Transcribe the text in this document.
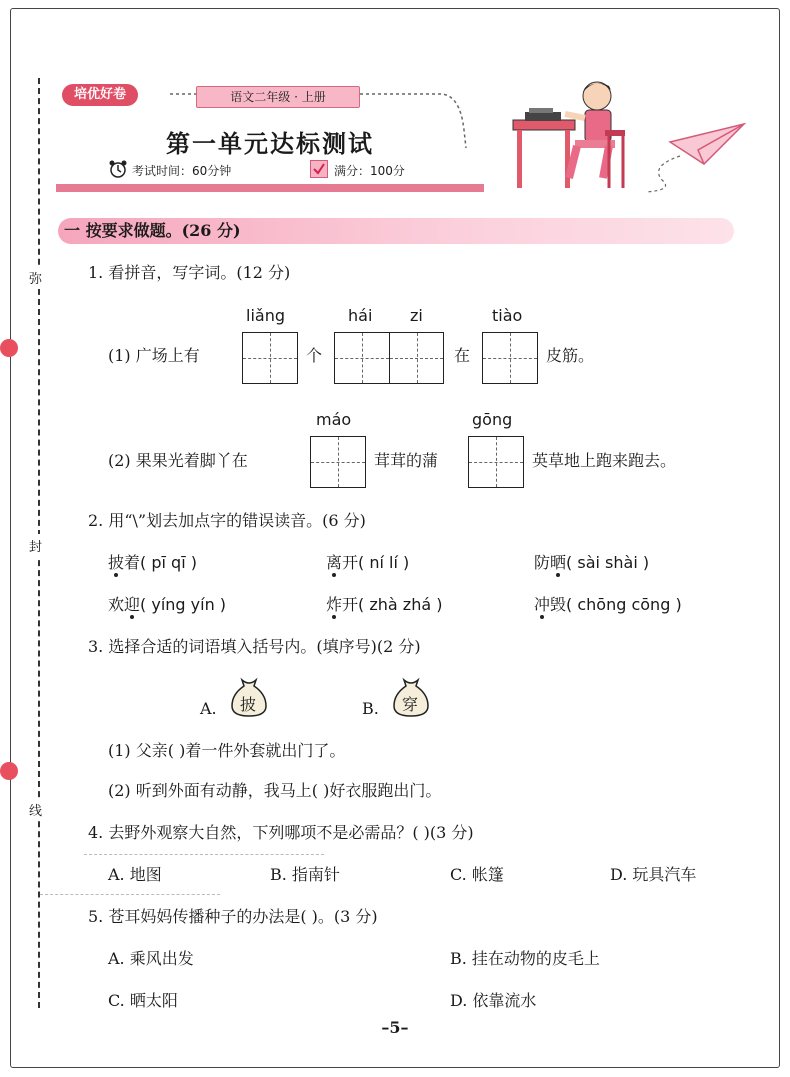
弥
封
线
培优好卷	语文二年级 · 上册
第一单元达标测试
考试时间：60分钟	满分：100分
一 按要求做题。(26 分)
1. 看拼音，写字词。(12 分)
liǎng	hái zi	tiào
(1) 广场上有	个	在	皮筋。
máo	gōng
(2) 果果光着脚丫在	茸茸的蒲	英草地上跑来跑去。
2. 用“\”划去加点字的错误读音。(6 分)
披着( pī qī )	离开( ní lí )	防晒( sài shài )
欢迎( yíng yín )	炸开( zhà zhá )	冲毁( chōng cōng )
3. 选择合适的词语填入括号内。(填序号)(2 分)
A. 披	B. 穿
(1) 父亲( )着一件外套就出门了。
(2) 听到外面有动静，我马上( )好衣服跑出门。
4. 去野外观察大自然，下列哪项不是必需品？( )(3 分)
A. 地图	B. 指南针	C. 帐篷	D. 玩具汽车
5. 苍耳妈妈传播种子的办法是( )。(3 分)
A. 乘风出发	B. 挂在动物的皮毛上
C. 晒太阳	D. 依靠流水
–5–
